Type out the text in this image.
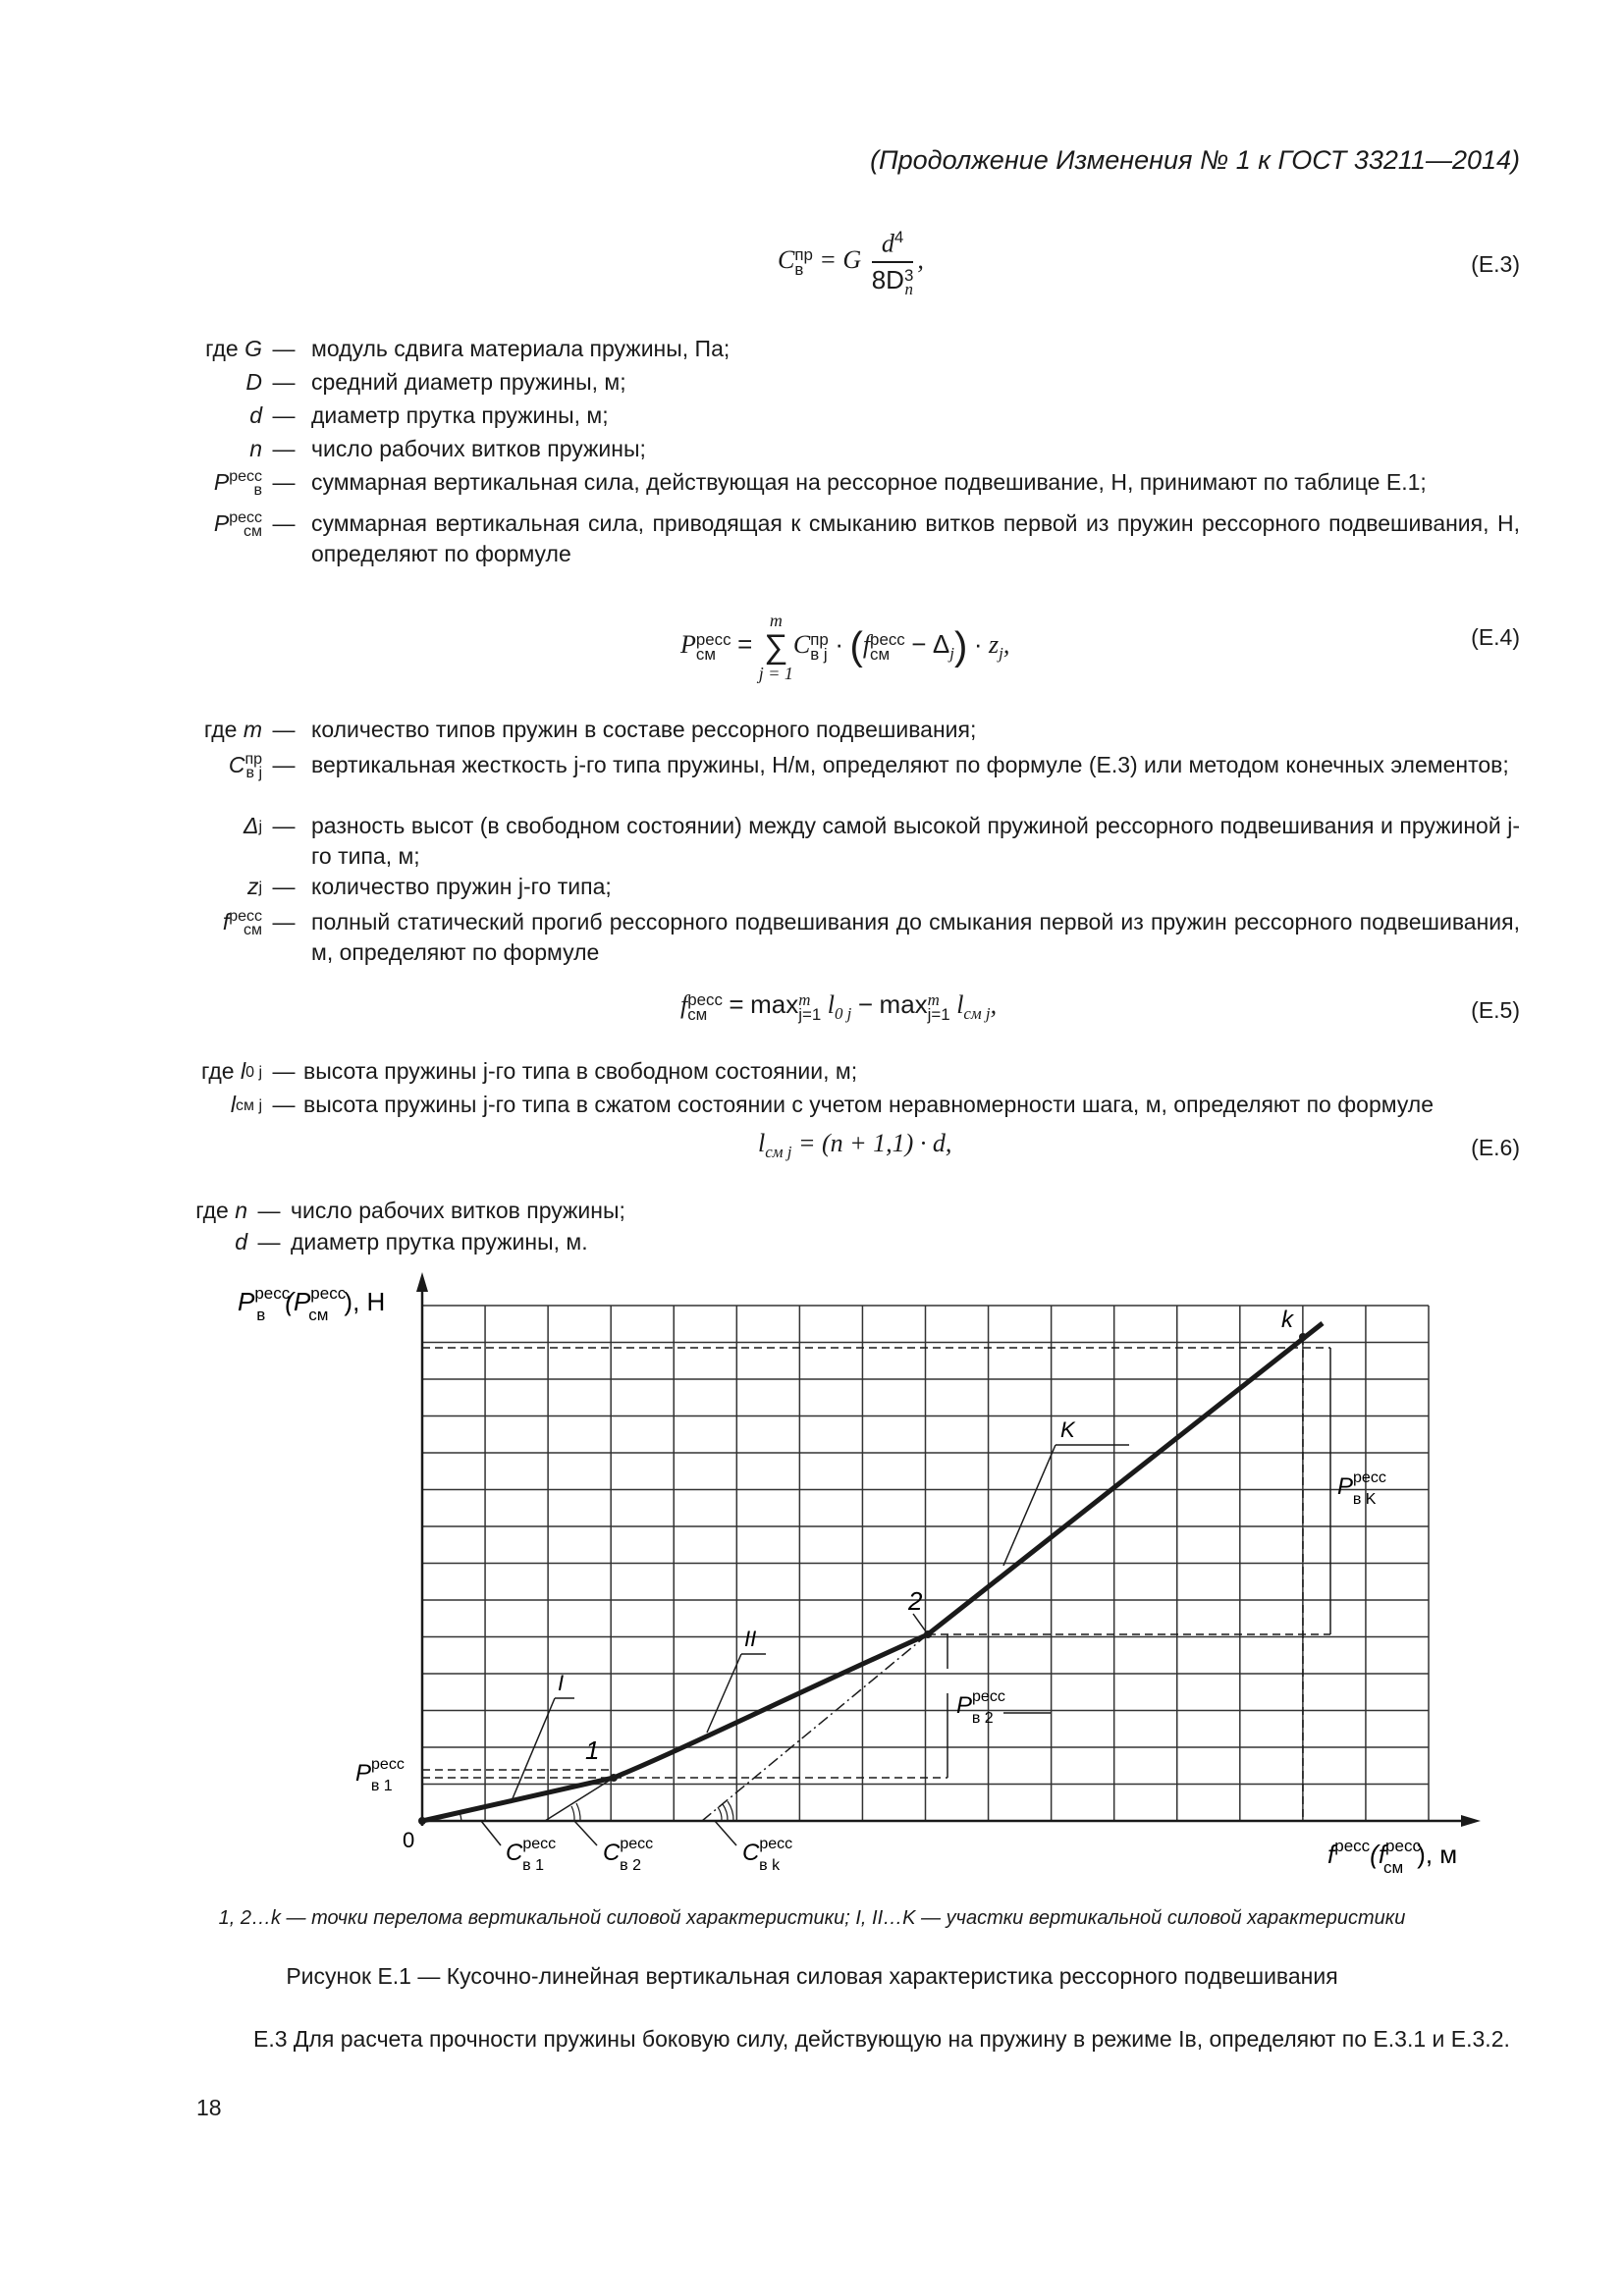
(Продолжение Изменения № 1 к ГОСТ 33211—2014)
C пр
в = G $d^4$
8D 3
n ,	(Е.3)
где G — модуль сдвига материала пружины, Па;
D — средний диаметр пружины, м;
d — диаметр прутка пружины, м;
n — число рабочих витков пружины;
P ресс
в — суммарная вертикальная сила, действующая на рессорное подвешивание, Н, принимают по таблице Е.1;
P ресс
см — суммарная вертикальная сила, приводящая к смыканию витков первой из пружин рессорного подвешивания, Н, определяют по формуле
P ресс
см =
m
∑
j = 1
C пр
в j · (f ресс
см − $\Delta_j) \cdot z_j$,	(Е.4)
где m — количество типов пружин в составе рессорного подвешивания;
C пр
в j — вертикальная жесткость j-го типа пружины, Н/м, определяют по формуле (Е.3) или методом конечных элементов;
Δ j — разность высот (в свободном состоянии) между самой высокой пружиной рессорного подвешивания и пружиной j-го типа, м;
z j — количество пружин j-го типа;
f ресс
см — полный статический прогиб рессорного подвешивания до смыкания первой из пружин рессорного подвешивания, м, определяют по формуле
f ресс
см = max m
j=1 $l_{0 j} - \max m$
j=1 $l_{см j}$,	(Е.5)
где l 0 j — высота пружины j-го типа в свободном состоянии, м;
l см j — высота пружины j-го типа в сжатом состоянии с учетом неравномерности шага, м, определяют по формуле
$l_{см j} = (n + 1,1) \cdot d$,	(Е.6)
где n — число рабочих витков пружины;
d — диаметр прутка пружины, м.
$P^{ресс}$ в ($P^{ресс}$ см ), Н
$f^{ресс}(f^{ресс}$ см ), м
0
1
2
k
I
II
K
$P^{ресс}$ в 1
$P^{ресс}$ в 2
$P^{ресс}$ в K
$C^{ресс}$ в 1	$C^{ресс}$ в 2	$C^{ресс}$ в k
1, 2…k — точки перелома вертикальной силовой характеристики; I, II…K — участки вертикальной силовой характеристики
Рисунок Е.1 — Кусочно-линейная вертикальная силовая характеристика рессорного подвешивания
Е.3 Для расчета прочности пружины боковую силу, действующую на пружину в режиме Iв, определяют по Е.3.1 и Е.3.2.
18
